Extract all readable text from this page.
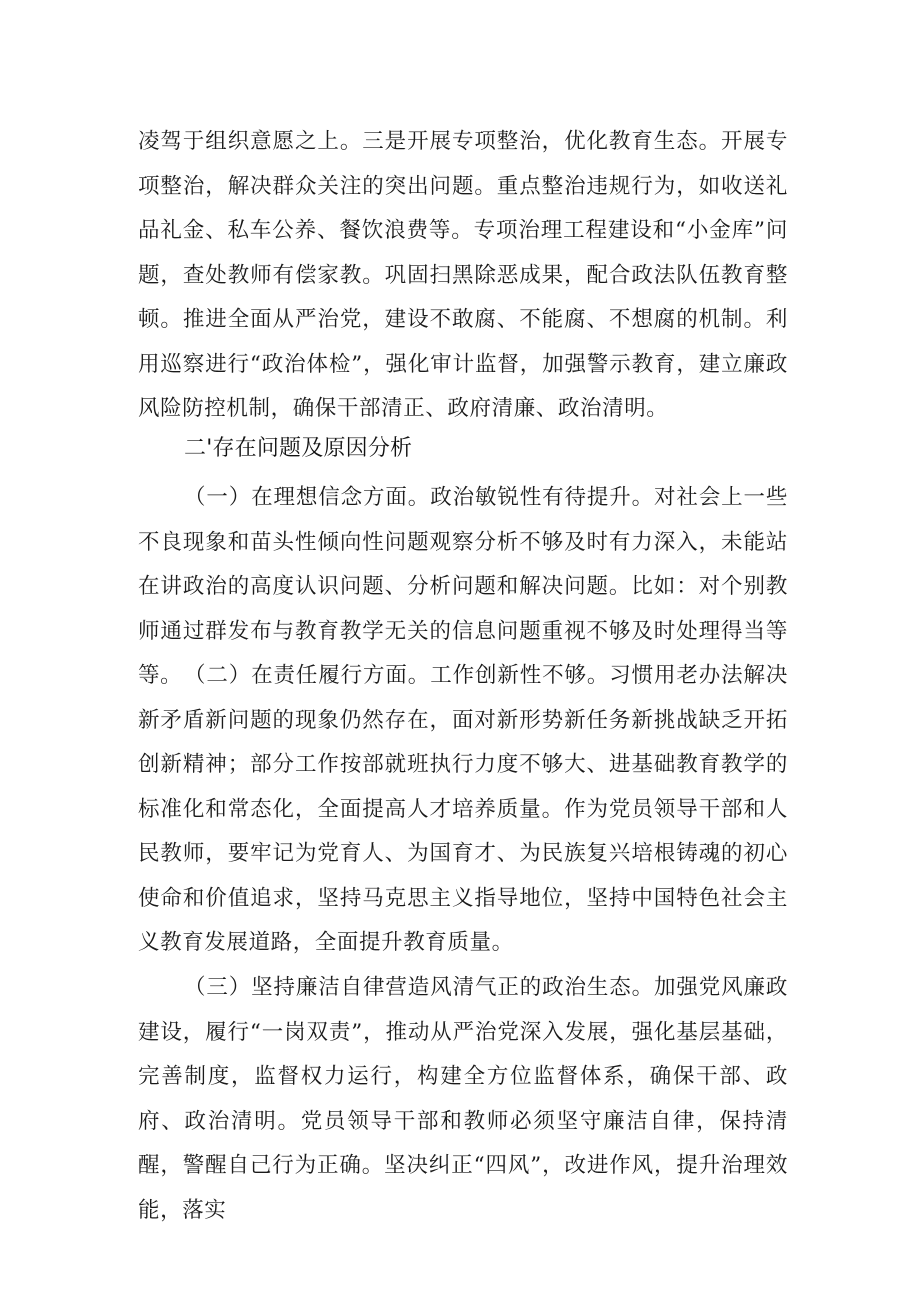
凌驾于组织意愿之上。三是开展专项整治，优化教育生态。开展专项整治，解决群众关注的突出问题。重点整治违规行为，如收送礼品礼金、私车公养、餐饮浪费等。专项治理工程建设和“小金库”问题，查处教师有偿家教。巩固扫黑除恶成果，配合政法队伍教育整顿。推进全面从严治党，建设不敢腐、不能腐、不想腐的机制。利用巡察进行“政治体检”，强化审计监督，加强警示教育，建立廉政风险防控机制，确保干部清正、政府清廉、政治清明。

二'存在问题及原因分析

（一）在理想信念方面。政治敏锐性有待提升。对社会上一些不良现象和苗头性倾向性问题观察分析不够及时有力深入，未能站在讲政治的高度认识问题、分析问题和解决问题。比如：对个别教师通过群发布与教育教学无关的信息问题重视不够及时处理得当等等。 （二）在责任履行方面。工作创新性不够。习惯用老办法解决新矛盾新问题的现象仍然存在，面对新形势新任务新挑战缺乏开拓创新精神；部分工作按部就班执行力度不够大、进基础教育教学的标准化和常态化，全面提高人才培养质量。作为党员领导干部和人民教师，要牢记为党育人、为国育才、为民族复兴培根铸魂的初心使命和价值追求，坚持马克思主义指导地位，坚持中国特色社会主义教育发展道路，全面提升教育质量。

（三）坚持廉洁自律营造风清气正的政治生态。加强党风廉政建设，履行“一岗双责”，推动从严治党深入发展，强化基层基础，完善制度，监督权力运行，构建全方位监督体系，确保干部、政府、政治清明。党员领导干部和教师必须坚守廉洁自律，保持清醒，警醒自己行为正确。坚决纠正“四风”，改进作风，提升治理效能，落实
